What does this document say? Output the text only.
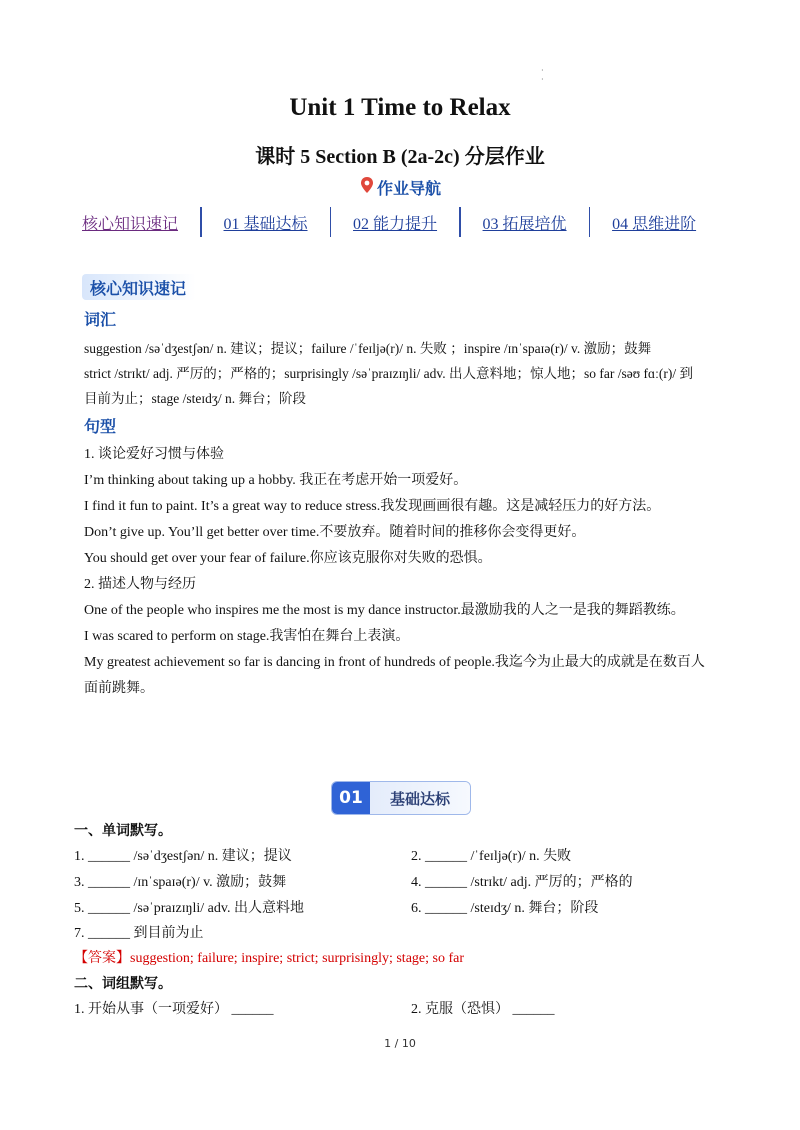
·
·
Unit 1 Time to Relax
课时 5 Section B (2a-2c) 分层作业
作业导航
核心知识速记	01 基础达标	02 能力提升	03 拓展培优	04 思维进阶
核心知识速记
词汇
suggestion /səˈdʒestʃən/ n. 建议；提议；failure /ˈfeɪljə(r)/ n. 失败 ；inspire /ɪnˈspaɪə(r)/ v. 激励；鼓舞
strict /strɪkt/ adj. 严厉的；严格的；surprisingly /səˈpraɪzɪŋli/ adv. 出人意料地；惊人地；so far /səʊ fɑː(r)/ 到
目前为止；stage /steɪdʒ/ n. 舞台；阶段
句型
1. 谈论爱好习惯与体验
I’m thinking about taking up a hobby. 我正在考虑开始一项爱好。
I find it fun to paint. It’s a great way to reduce stress.我发现画画很有趣。这是减轻压力的好方法。
Don’t give up. You’ll get better over time.不要放弃。随着时间的推移你会变得更好。
You should get over your fear of failure.你应该克服你对失败的恐惧。
2. 描述人物与经历
One of the people who inspires me the most is my dance instructor.最激励我的人之一是我的舞蹈教练。
I was scared to perform on stage.我害怕在舞台上表演。
My greatest achievement so far is dancing in front of hundreds of people.我迄今为止最大的成就是在数百人
面前跳舞。
01	基础达标
一、单词默写。
1. ______ /səˈdʒestʃən/ n. 建议；提议	2. ______ /ˈfeɪljə(r)/ n. 失败
3. ______ /ɪnˈspaɪə(r)/ v. 激励；鼓舞	4. ______ /strɪkt/ adj. 严厉的；严格的
5. ______ /səˈpraɪzɪŋli/ adv. 出人意料地	6. ______ /steɪdʒ/ n. 舞台；阶段
7. ______ 到目前为止
【答案】suggestion; failure; inspire; strict; surprisingly; stage; so far
二、词组默写。
1. 开始从事（一项爱好） ______	2. 克服（恐惧） ______
1 / 10
